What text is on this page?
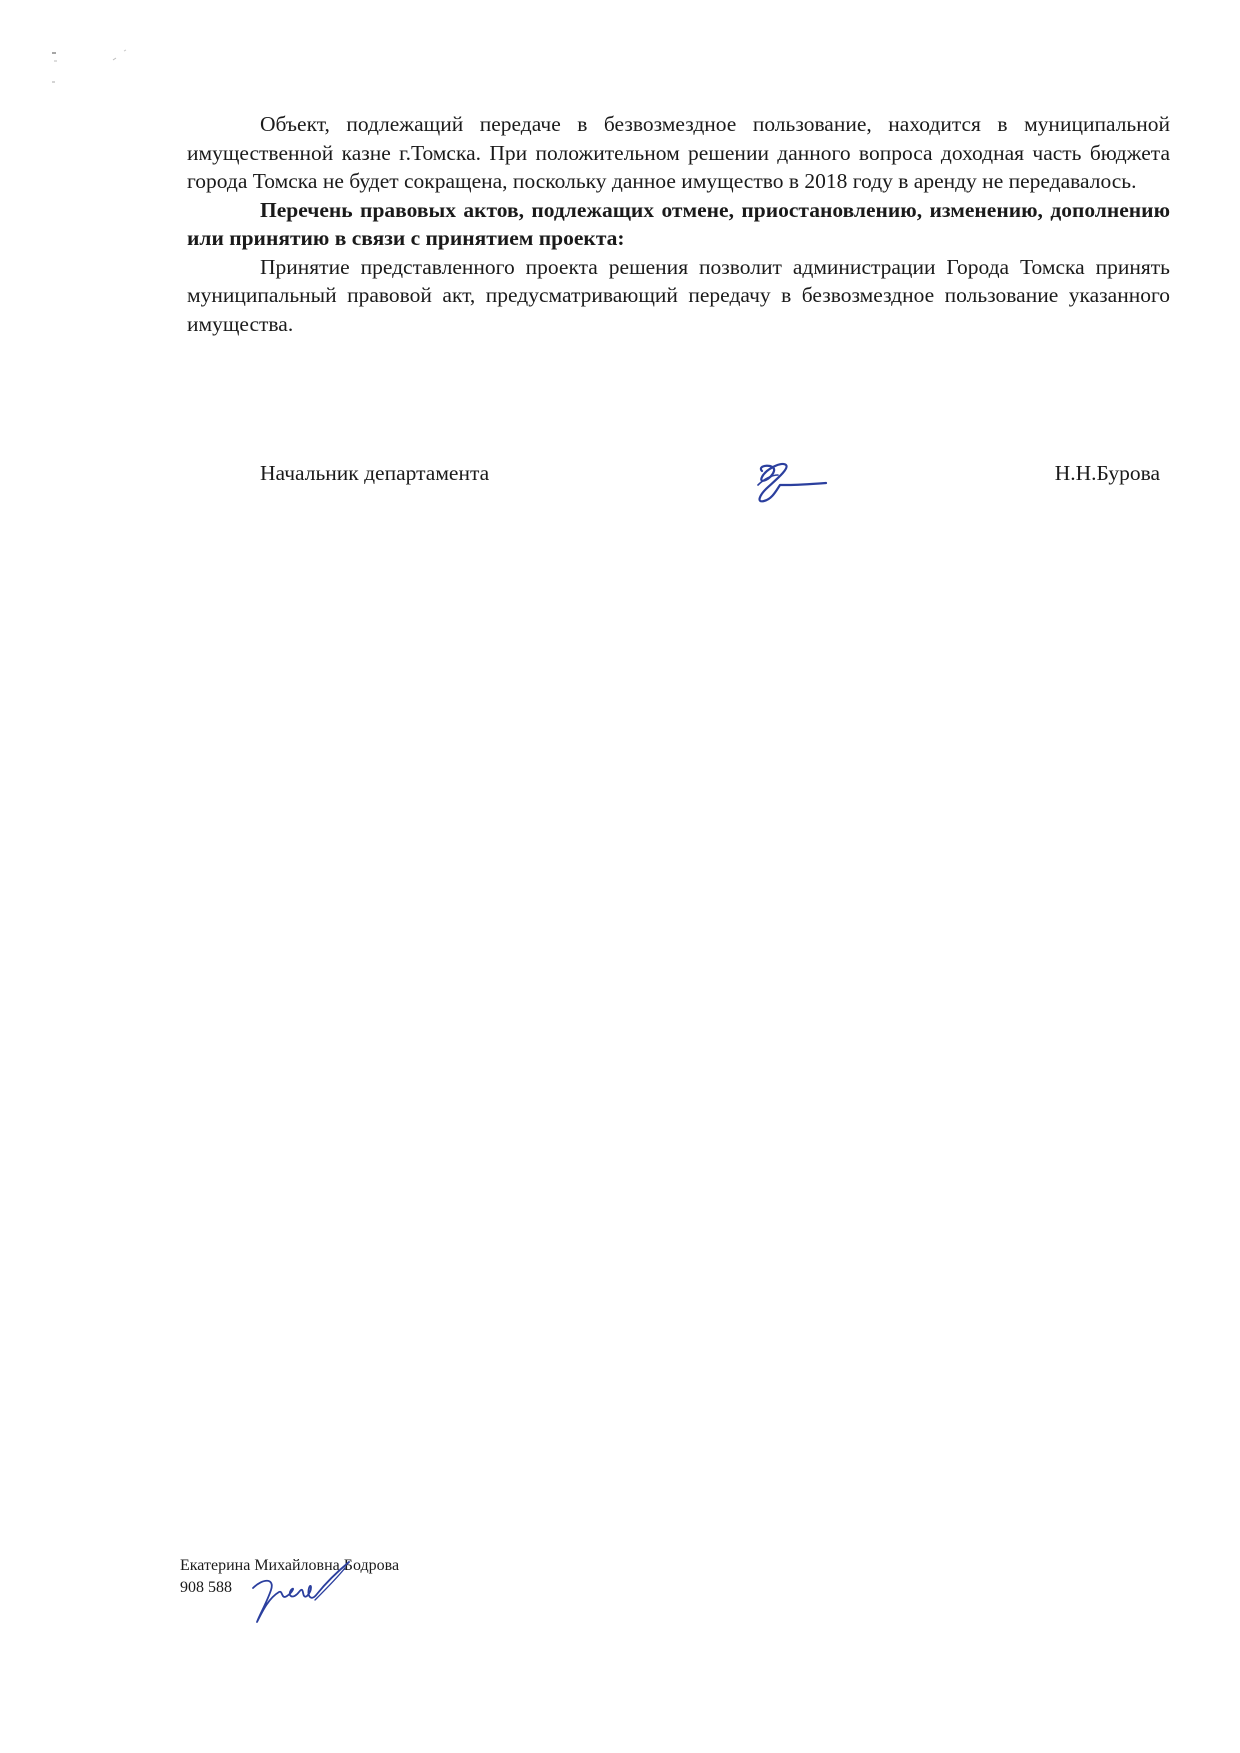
Объект, подлежащий передаче в безвозмездное пользование, находится в муниципальной имущественной казне г.Томска. При положительном решении данного вопроса доходная часть бюджета города Томска не будет сокращена, поскольку данное имущество в 2018 году в аренду не передавалось.

Перечень правовых актов, подлежащих отмене, приостановлению, изменению, дополнению или принятию в связи с принятием проекта:

Принятие представленного проекта решения позволит администрации Города Томска принять муниципальный правовой акт, предусматривающий передачу в безвозмездное пользование указанного имущества.

Начальник департамента	Н.Н.Бурова
Екатерина Михайловна Бодрова
908 588
